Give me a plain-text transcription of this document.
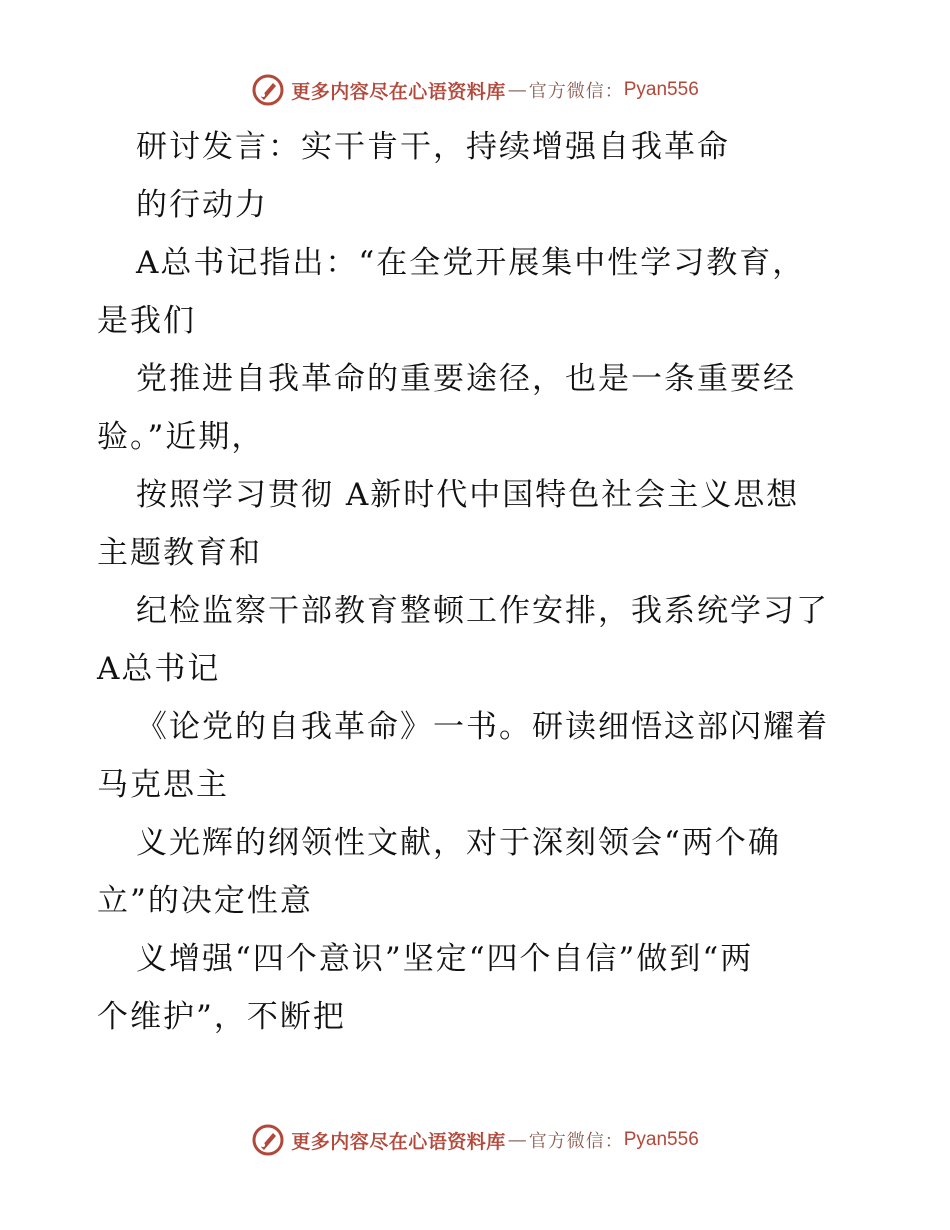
更多内容尽在心语资料库 — 官方微信： Pyan556
研讨发言：实干肯干，持续增强自我革命
的行动力
A总书记指出：“在全党开展集中性学习教育，
是我们
党推进自我革命的重要途径，也是一条重要经
验。”近期，
按照学习贯彻 A新时代中国特色社会主义思想
主题教育和
纪检监察干部教育整顿工作安排，我系统学习了
A总书记
《论党的自我革命》一书。研读细悟这部闪耀着
马克思主
义光辉的纲领性文献，对于深刻领会“两个确
立”的决定性意
义增强“四个意识”坚定“四个自信”做到“两
个维护”，不断把
更多内容尽在心语资料库 — 官方微信： Pyan556
